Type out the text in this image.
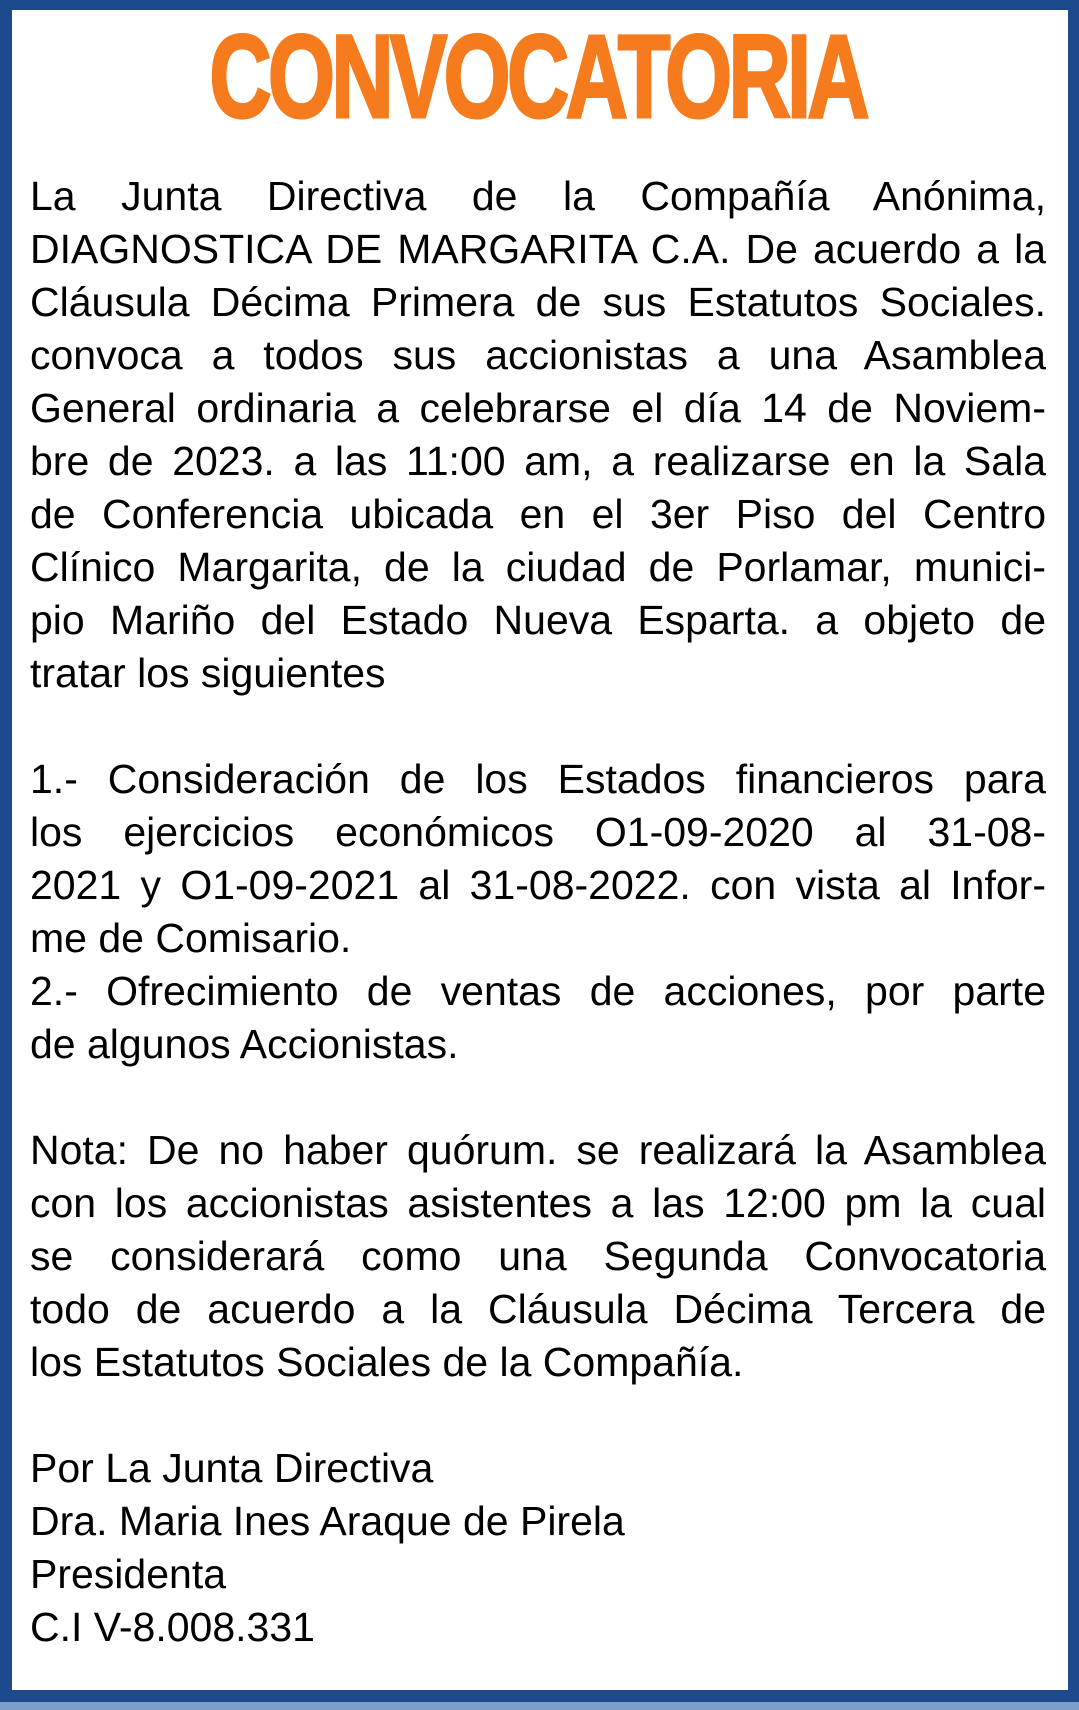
CONVOCATORIA
La Junta Directiva de la Compañía Anónima,
DIAGNOSTICA DE MARGARITA C.A. De acuerdo a la
Cláusula Décima Primera de sus Estatutos Sociales.
convoca a todos sus accionistas a una Asamblea
General ordinaria a celebrarse el día 14 de Noviem-
bre de 2023. a las 11:00 am, a realizarse en la Sala
de Conferencia ubicada en el 3er Piso del Centro
Clínico Margarita, de la ciudad de Porlamar, munici-
pio Mariño del Estado Nueva Esparta. a objeto de
tratar los siguientes
1.- Consideración de los Estados financieros para
los ejercicios económicos O1-09-2020 al 31-08-
2021 y O1-09-2021 al 31-08-2022. con vista al Infor-
me de Comisario.
2.- Ofrecimiento de ventas de acciones, por parte
de algunos Accionistas.
Nota: De no haber quórum. se realizará la Asamblea
con los accionistas asistentes a las 12:00 pm la cual
se considerará como una Segunda Convocatoria
todo de acuerdo a la Cláusula Décima Tercera de
los Estatutos Sociales de la Compañía.
Por La Junta Directiva
Dra. Maria Ines Araque de Pirela
Presidenta
C.I V-8.008.331
